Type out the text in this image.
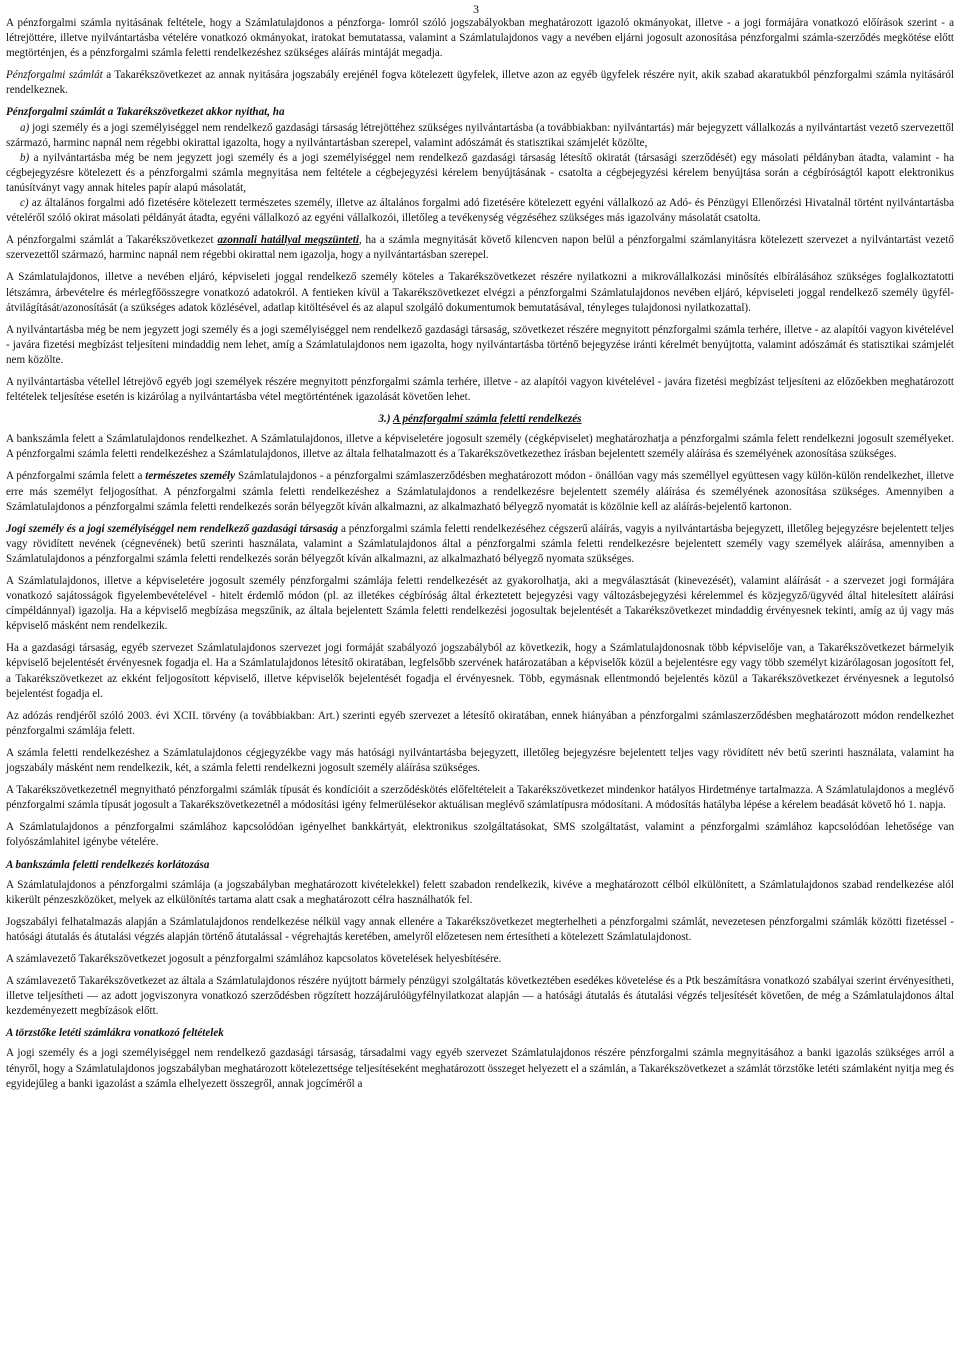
3

A pénzforgalmi számla nyitásának feltétele, hogy a Számlatulajdonos a pénzforga- lomról szóló jogszabályokban meghatározott igazoló okmányokat, illetve - a jogi formájára vonatkozó előírások szerint - a létrejöttére, illetve nyilvántartásba vételére vonatkozó okmányokat, iratokat bemutatassa, valamint a Számlatulajdonos vagy a nevében eljárni jogosult azonosítása pénzforgalmi számla-szerződés megkötése előtt megtörténjen, és a pénzforgalmi számla feletti rendelkezéshez szükséges aláírás mintáját megadja.

Pénzforgalmi számlát a Takarékszövetkezet az annak nyitására jogszabály erejénél fogva kötelezett ügyfelek, illetve azon az egyéb ügyfelek részére nyit, akik szabad akaratukból pénzforgalmi számla nyitásáról rendelkeznek.

Pénzforgalmi számlát a Takarékszövetkezet akkor nyithat, ha

a) jogi személy és a jogi személyiséggel nem rendelkező gazdasági társaság létrejöttéhez szükséges nyilvántartásba (a továbbiakban: nyilvántartás) már bejegyzett vállalkozás a nyilvántartást vezető szervezettől származó, harminc napnál nem régebbi okirattal igazolta, hogy a nyilvántartásban szerepel, valamint adószámát és statisztikai számjelét közölte,

b) a nyilvántartásba még be nem jegyzett jogi személy és a jogi személyiséggel nem rendelkező gazdasági társaság létesítő okiratát (társasági szerződését) egy másolati példányban átadta, valamint - ha cégbejegyzésre kötelezett és a pénzforgalmi számla megnyitása nem feltétele a cégbejegyzési kérelem benyújtásának - csatolta a cégbejegyzési kérelem benyújtása során a cégbíróságtól kapott elektronikus tanúsítványt vagy annak hiteles papír alapú másolatát,

c) az általános forgalmi adó fizetésére kötelezett természetes személy, illetve az általános forgalmi adó fizetésére kötelezett egyéni vállalkozó az Adó- és Pénzügyi Ellenőrzési Hivatalnál történt nyilvántartásba vételéről szóló okirat másolati példányát átadta, egyéni vállalkozó az egyéni vállalkozói, illetőleg a tevékenység végzéséhez szükséges más igazolvány másolatát csatolta.

A pénzforgalmi számlát a Takarékszövetkezet azonnali hatállyal megszünteti, ha a számla megnyitását követő kilencven napon belül a pénzforgalmi számlanyitásra kötelezett szervezet a nyilvántartást vezető szervezettől származó, harminc napnál nem régebbi okirattal nem igazolja, hogy a nyilvántartásban szerepel.

A Számlatulajdonos, illetve a nevében eljáró, képviseleti joggal rendelkező személy köteles a Takarékszövetkezet részére nyilatkozni a mikrovállalkozási minősítés elbírálásához szükséges foglalkoztatotti létszámra, árbevételre és mérlegfőösszegre vonatkozó adatokról. A fentieken kívül a Takarékszövetkezet elvégzi a pénzforgalmi Számlatulajdonos nevében eljáró, képviseleti joggal rendelkező személy ügyfél-átvilágítását/azonosítását (a szükséges adatok közlésével, adatlap kitöltésével és az alapul szolgáló dokumentumok bemutatásával, tényleges tulajdonosi nyilatkozattal).

A nyilvántartásba még be nem jegyzett jogi személy és a jogi személyiséggel nem rendelkező gazdasági társaság, szövetkezet részére megnyitott pénzforgalmi számla terhére, illetve - az alapítói vagyon kivételével - javára fizetési megbízást teljesíteni mindaddig nem lehet, amíg a Számlatulajdonos nem igazolta, hogy nyilvántartásba történő bejegyzése iránti kérelmét benyújtotta, valamint adószámát és statisztikai számjelét nem közölte.

A nyilvántartásba vétellel létrejövő egyéb jogi személyek részére megnyitott pénzforgalmi számla terhére, illetve - az alapítói vagyon kivételével - javára fizetési megbízást teljesíteni az előzőekben meghatározott feltételek teljesítése esetén is kizárólag a nyilvántartásba vétel megtörténtének igazolását követően lehet.

3.) A pénzforgalmi számla feletti rendelkezés

A bankszámla felett a Számlatulajdonos rendelkezhet. A Számlatulajdonos, illetve a képviseletére jogosult személy (cégképviselet) meghatározhatja a pénzforgalmi számla felett rendelkezni jogosult személyeket. A pénzforgalmi számla feletti rendelkezéshez a Számlatulajdonos, illetve az általa felhatalmazott és a Takarékszövetkezethez írásban bejelentett személy aláírása és személyének azonosítása szükséges.

A pénzforgalmi számla felett a természetes személy Számlatulajdonos - a pénzforgalmi számlaszerződésben meghatározott módon - önállóan vagy más személlyel együttesen vagy külön-külön rendelkezhet, illetve erre más személyt feljogosíthat. A pénzforgalmi számla feletti rendelkezéshez a Számlatulajdonos a rendelkezésre bejelentett személy aláírása és személyének azonosítása szükséges. Amennyiben a Számlatulajdonos a pénzforgalmi számla feletti rendelkezés során bélyegzőt kíván alkalmazni, az alkalmazható bélyegző nyomatát is közölnie kell az aláírás-bejelentő kartonon.

Jogi személy és a jogi személyiséggel nem rendelkező gazdasági társaság a pénzforgalmi számla feletti rendelkezéséhez cégszerű aláírás, vagyis a nyilvántartásba bejegyzett, illetőleg bejegyzésre bejelentett teljes vagy rövidített nevének (cégnevének) betű szerinti használata, valamint a Számlatulajdonos által a pénzforgalmi számla feletti rendelkezésre bejelentett személy vagy személyek aláírása, amennyiben a Számlatulajdonos a pénzforgalmi számla feletti rendelkezés során bélyegzőt kíván alkalmazni, az alkalmazható bélyegző nyomata szükséges.

A Számlatulajdonos, illetve a képviseletére jogosult személy pénzforgalmi számlája feletti rendelkezését az gyakorolhatja, aki a megválasztását (kinevezését), valamint aláírását - a szervezet jogi formájára vonatkozó sajátosságok figyelembevételével - hitelt érdemlő módon (pl. az illetékes cégbíróság által érkeztetett bejegyzési vagy változásbejegyzési kérelemmel és közjegyző/ügyvéd által hitelesített aláírási címpéldánnyal) igazolja. Ha a képviselő megbízása megszűnik, az általa bejelentett Számla feletti rendelkezési jogosultak bejelentését a Takarékszövetkezet mindaddig érvényesnek tekinti, amíg az új vagy más képviselő másként nem rendelkezik.

Ha a gazdasági társaság, egyéb szervezet Számlatulajdonos szervezet jogi formáját szabályozó jogszabályból az következik, hogy a Számlatulajdonosnak több képviselője van, a Takarékszövetkezet bármelyik képviselő bejelentését érvényesnek fogadja el. Ha a Számlatulajdonos létesítő okiratában, legfelsőbb szervének határozatában a képviselők közül a bejelentésre egy vagy több személyt kizárólagosan jogosított fel, a Takarékszövetkezet az ekként feljogosított képviselő, illetve képviselők bejelentését fogadja el érvényesnek. Több, egymásnak ellentmondó bejelentés közül a Takarékszövetkezet érvényesnek a legutolsó bejelentést fogadja el.

Az adózás rendjéről szóló 2003. évi XCII. törvény (a továbbiakban: Art.) szerinti egyéb szervezet a létesítő okiratában, ennek hiányában a pénzforgalmi számlaszerződésben meghatározott módon rendelkezhet pénzforgalmi számlája felett.

A számla feletti rendelkezéshez a Számlatulajdonos cégjegyzékbe vagy más hatósági nyilvántartásba bejegyzett, illetőleg bejegyzésre bejelentett teljes vagy rövidített név betű szerinti használata, valamint ha jogszabály másként nem rendelkezik, két, a számla feletti rendelkezni jogosult személy aláírása szükséges.

A Takarékszövetkezetnél megnyitható pénzforgalmi számlák típusát és kondícióit a szerződéskötés előfeltételeit a Takarékszövetkezet mindenkor hatályos Hirdetménye tartalmazza. A Számlatulajdonos a meglévő pénzforgalmi számla típusát jogosult a Takarékszövetkezetnél a módosítási igény felmerülésekor aktuálisan meglévő számlatípusra módosítani. A módosítás hatályba lépése a kérelem beadását követő hó 1. napja.

A Számlatulajdonos a pénzforgalmi számlához kapcsolódóan igényelhet bankkártyát, elektronikus szolgáltatásokat, SMS szolgáltatást, valamint a pénzforgalmi számlához kapcsolódóan lehetősége van folyószámlahitel igénybe vételére.

A bankszámla feletti rendelkezés korlátozása

A Számlatulajdonos a pénzforgalmi számlája (a jogszabályban meghatározott kivételekkel) felett szabadon rendelkezik, kivéve a meghatározott célból elkülönített, a Számlatulajdonos szabad rendelkezése alól kikerült pénzeszközöket, melyek az elkülönítés tartama alatt csak a meghatározott célra használhatók fel.

Jogszabályi felhatalmazás alapján a Számlatulajdonos rendelkezése nélkül vagy annak ellenére a Takarékszövetkezet megterhelheti a pénzforgalmi számlát, nevezetesen pénzforgalmi számlák közötti fizetéssel - hatósági átutalás és átutalási végzés alapján történő átutalással - végrehajtás keretében, amelyről előzetesen nem értesítheti a kötelezett Számlatulajdonost.

A számlavezető Takarékszövetkezet jogosult a pénzforgalmi számlához kapcsolatos követelések helyesbítésére.

A számlavezető Takarékszövetkezet az általa a Számlatulajdonos részére nyújtott bármely pénzügyi szolgáltatás következtében esedékes követelése és a Ptk beszámításra vonatkozó szabályai szerint érvényesítheti, illetve teljesítheti — az adott jogviszonyra vonatkozó szerződésben rögzített hozzájárulóügyfélnyilatkozat alapján — a hatósági átutalás és átutalási végzés teljesítését követően, de még a Számlatulajdonos által kezdeményezett megbízások előtt.

A törzstőke letéti számlákra vonatkozó feltételek

A jogi személy és a jogi személyiséggel nem rendelkező gazdasági társaság, társadalmi vagy egyéb szervezet Számlatulajdonos részére pénzforgalmi számla megnyitásához a banki igazolás szükséges arról a tényről, hogy a Számlatulajdonos jogszabályban meghatározott kötelezettsége teljesítéseként meghatározott összeget helyezett el a számlán, a Takarékszövetkezet a számlát törzstőke letéti számlaként nyitja meg és egyidejűleg a banki igazolást a számla elhelyezett összegről, annak jogcíméről a
